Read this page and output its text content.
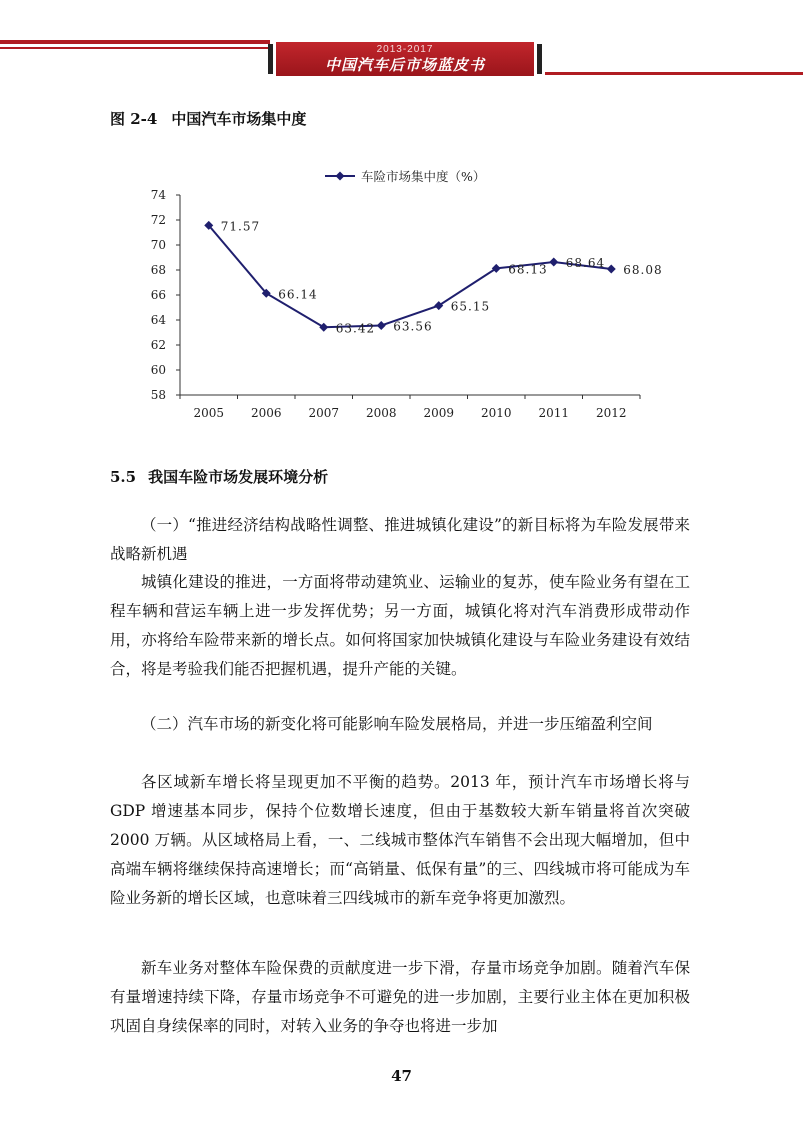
2013-2017
中国汽车后市场蓝皮书
图 2-4 中国汽车市场集中度
58
60
62
64
66
68
70
72
74
2005 2006 2007 2008 2009 2010 2011 2012
71.57
66.14
63.42 63.56
65.15
68.13 68.64 68.08
车险市场集中度（%）
5.5 我国车险市场发展环境分析

（一）“推进经济结构战略性调整、推进城镇化建设”的新目标将为车险发展带来战略新机遇

城镇化建设的推进，一方面将带动建筑业、运输业的复苏，使车险业务有望在工程车辆和营运车辆上进一步发挥优势；另一方面，城镇化将对汽车消费形成带动作用，亦将给车险带来新的增长点。如何将国家加快城镇化建设与车险业务建设有效结合，将是考验我们能否把握机遇，提升产能的关键。

（二）汽车市场的新变化将可能影响车险发展格局，并进一步压缩盈利空间

各区域新车增长将呈现更加不平衡的趋势。2013 年，预计汽车市场增长将与 GDP 增速基本同步，保持个位数增长速度，但由于基数较大新车销量将首次突破 2000 万辆。从区域格局上看，一、二线城市整体汽车销售不会出现大幅增加，但中高端车辆将继续保持高速增长；而“高销量、低保有量”的三、四线城市将可能成为车险业务新的增长区域，也意味着三四线城市的新车竞争将更加激烈。

新车业务对整体车险保费的贡献度进一步下滑，存量市场竞争加剧。随着汽车保有量增速持续下降，存量市场竞争不可避免的进一步加剧，主要行业主体在更加积极巩固自身续保率的同时，对转入业务的争夺也将进一步加

47
